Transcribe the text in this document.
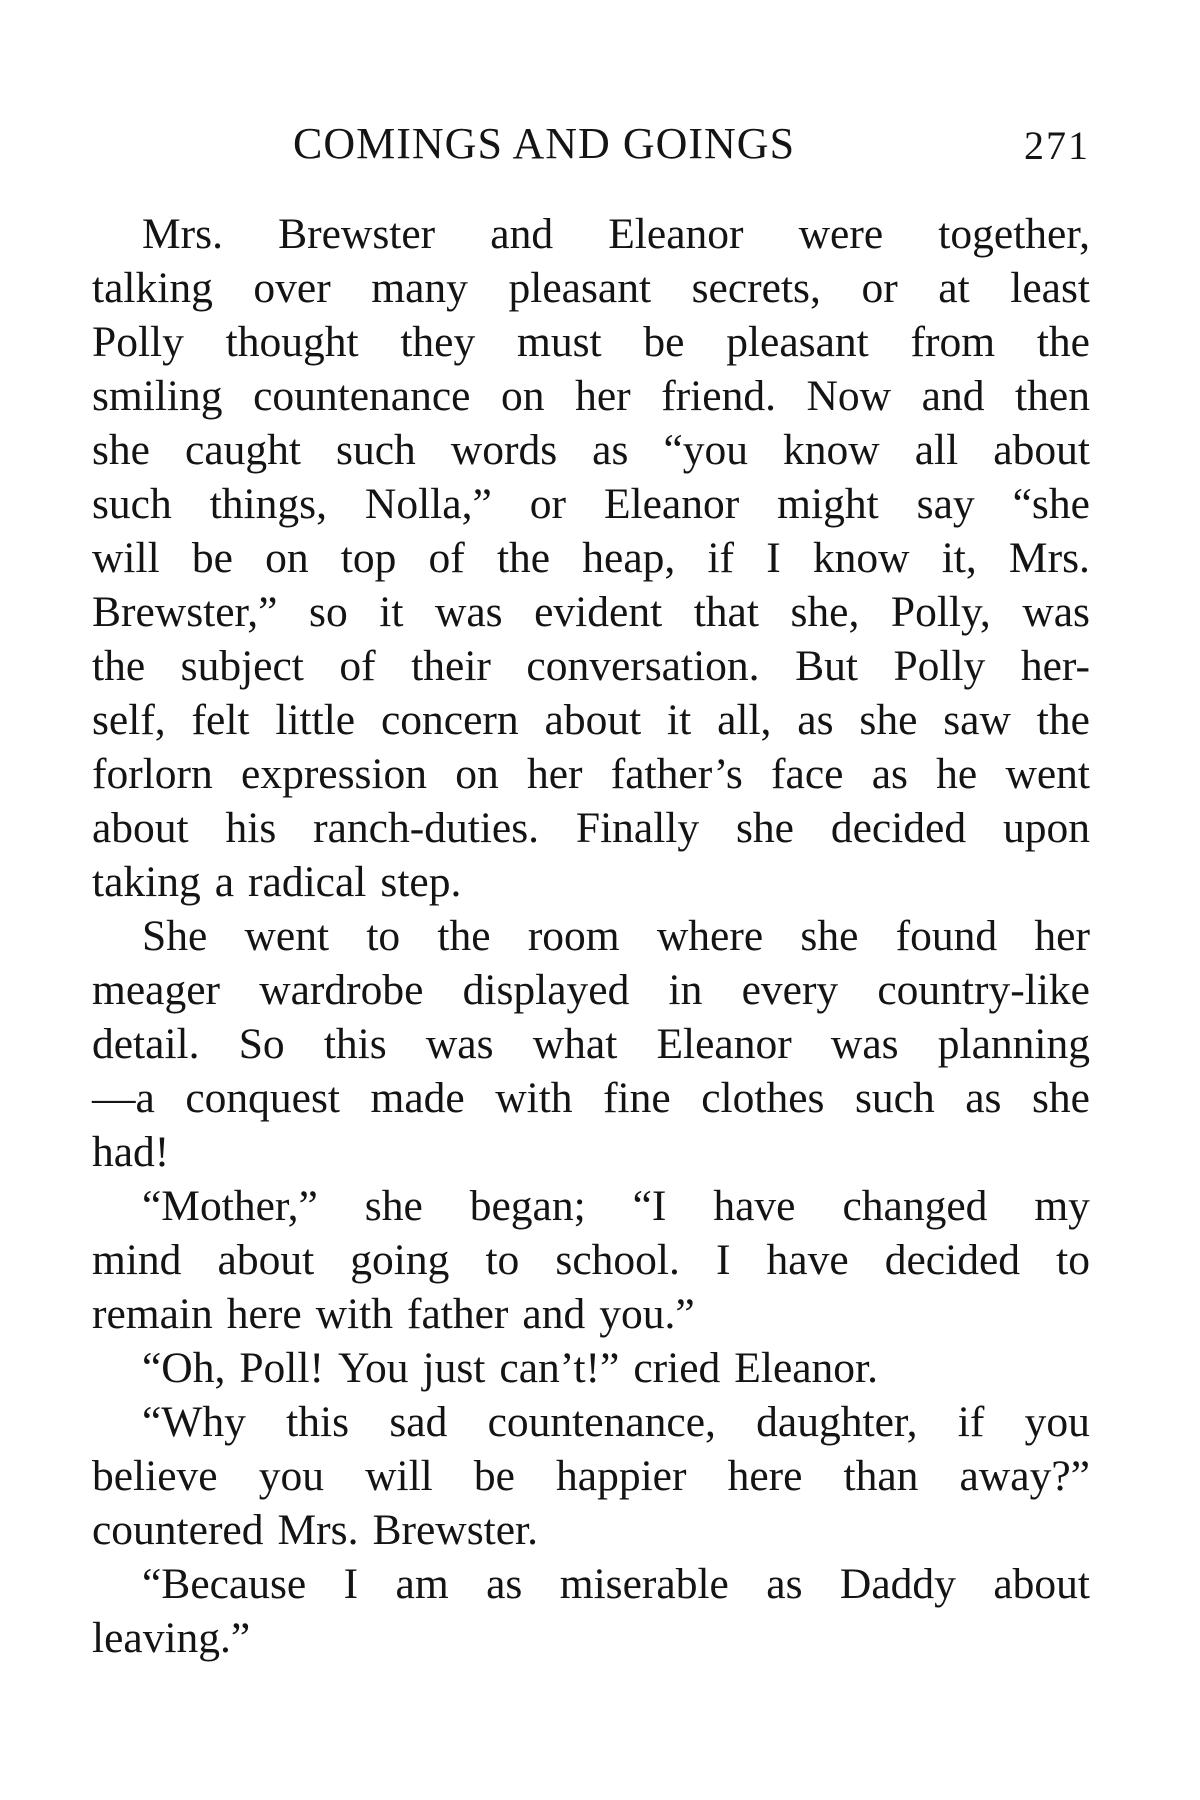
COMINGS AND GOINGS	271
Mrs. Brewster and Eleanor were together,
talking over many pleasant secrets, or at least
Polly thought they must be pleasant from the
smiling countenance on her friend. Now and then
she caught such words as “you know all about
such things, Nolla,” or Eleanor might say “she
will be on top of the heap, if I know it, Mrs.
Brewster,” so it was evident that she, Polly, was
the subject of their conversation. But Polly her-
self, felt little concern about it all, as she saw the
forlorn expression on her father’s face as he went
about his ranch-duties. Finally she decided upon
taking a radical step.
She went to the room where she found her
meager wardrobe displayed in every country-like
detail. So this was what Eleanor was planning
—a conquest made with fine clothes such as she
had!
“Mother,” she began; “I have changed my
mind about going to school. I have decided to
remain here with father and you.”
“Oh, Poll! You just can’t!” cried Eleanor.
“Why this sad countenance, daughter, if you
believe you will be happier here than away?”
countered Mrs. Brewster.
“Because I am as miserable as Daddy about
leaving.”
